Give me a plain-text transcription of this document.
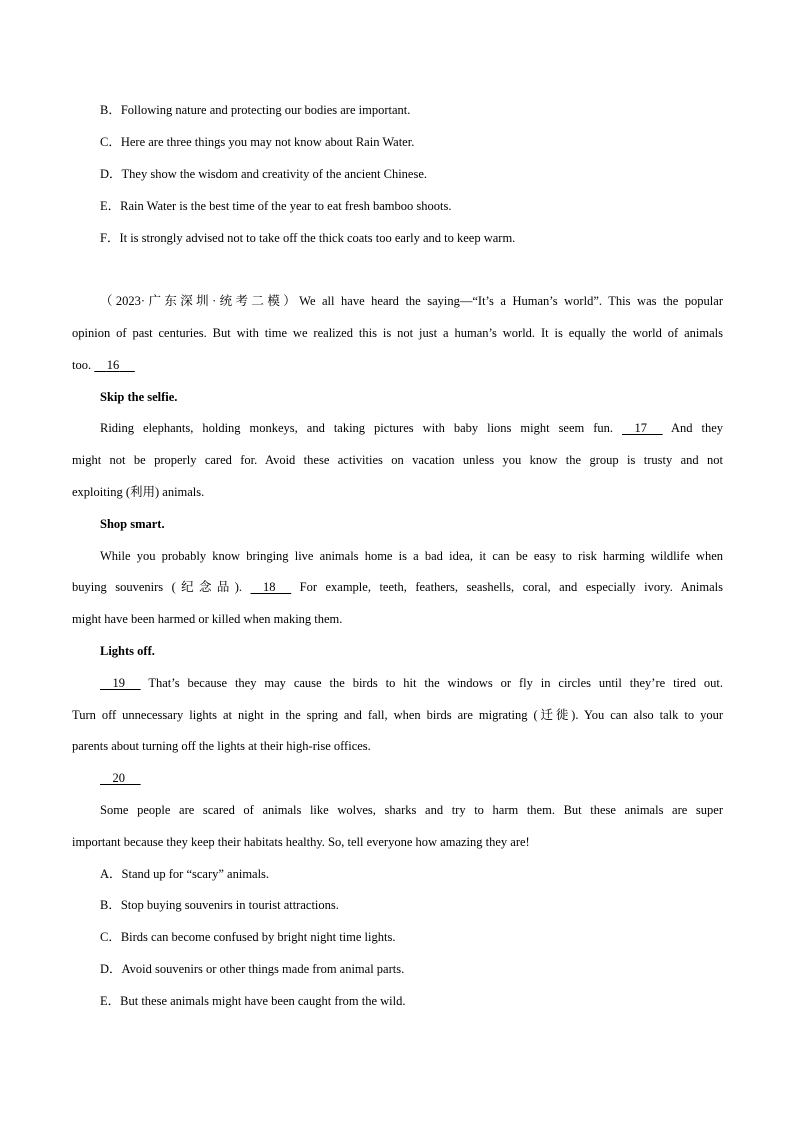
B．Following nature and protecting our bodies are important.
C．Here are three things you may not know about Rain Water.
D．They show the wisdom and creativity of the ancient Chinese.
E．Rain Water is the best time of the year to eat fresh bamboo shoots.
F．It is strongly advised not to take off the thick coats too early and to keep warm.
（2023·广东深圳·统考二模）We all have heard the saying—“It’s a Human’s world”. This was the popular
opinion of past centuries. But with time we realized this is not just a human’s world. It is equally the world of animals
too. 16
Skip the selfie.
Riding elephants, holding monkeys, and taking pictures with baby lions might seem fun. 17 And they
might not be properly cared for. Avoid these activities on vacation unless you know the group is trusty and not
exploiting (利用) animals.
Shop smart.
While you probably know bringing live animals home is a bad idea, it can be easy to risk harming wildlife when
buying souvenirs (纪念品). 18 For example, teeth, feathers, seashells, coral, and especially ivory. Animals
might have been harmed or killed when making them.
Lights off.
19 That’s because they may cause the birds to hit the windows or fly in circles until they’re tired out.
Turn off unnecessary lights at night in the spring and fall, when birds are migrating (迁徙). You can also talk to your
parents about turning off the lights at their high-rise offices.
20
Some people are scared of animals like wolves, sharks and try to harm them. But these animals are super
important because they keep their habitats healthy. So, tell everyone how amazing they are!
A．Stand up for “scary” animals.
B．Stop buying souvenirs in tourist attractions.
C．Birds can become confused by bright night time lights.
D．Avoid souvenirs or other things made from animal parts.
E．But these animals might have been caught from the wild.
